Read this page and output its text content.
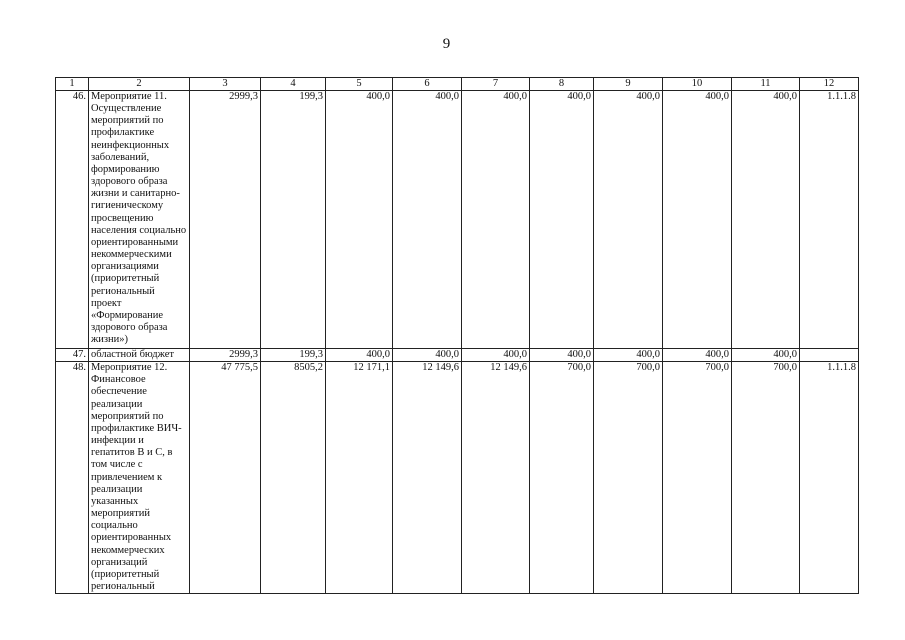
9
1	2	3	4	5	6	7	8	9	10	11	12
46.	Мероприятие 11. Осуществление мероприятий по профилактике неинфекционных заболеваний, формированию здорового образа жизни и санитарно-гигиеническому просвещению населения социально ориентированными некоммерческими организациями (приоритетный региональный проект «Формирование здорового образа жизни»)	2999,3	199,3	400,0	400,0	400,0	400,0	400,0	400,0	400,0	1.1.1.8
47.	областной бюджет	2999,3	199,3	400,0	400,0	400,0	400,0	400,0	400,0	400,0	
48.	Мероприятие 12. Финансовое обеспечение реализации мероприятий по профилактике ВИЧ-инфекции и гепатитов В и С, в том числе с привлечением к реализации указанных мероприятий социально ориентированных некоммерческих организаций (приоритетный региональный	47 775,5	8505,2	12 171,1	12 149,6	12 149,6	700,0	700,0	700,0	700,0	1.1.1.8
